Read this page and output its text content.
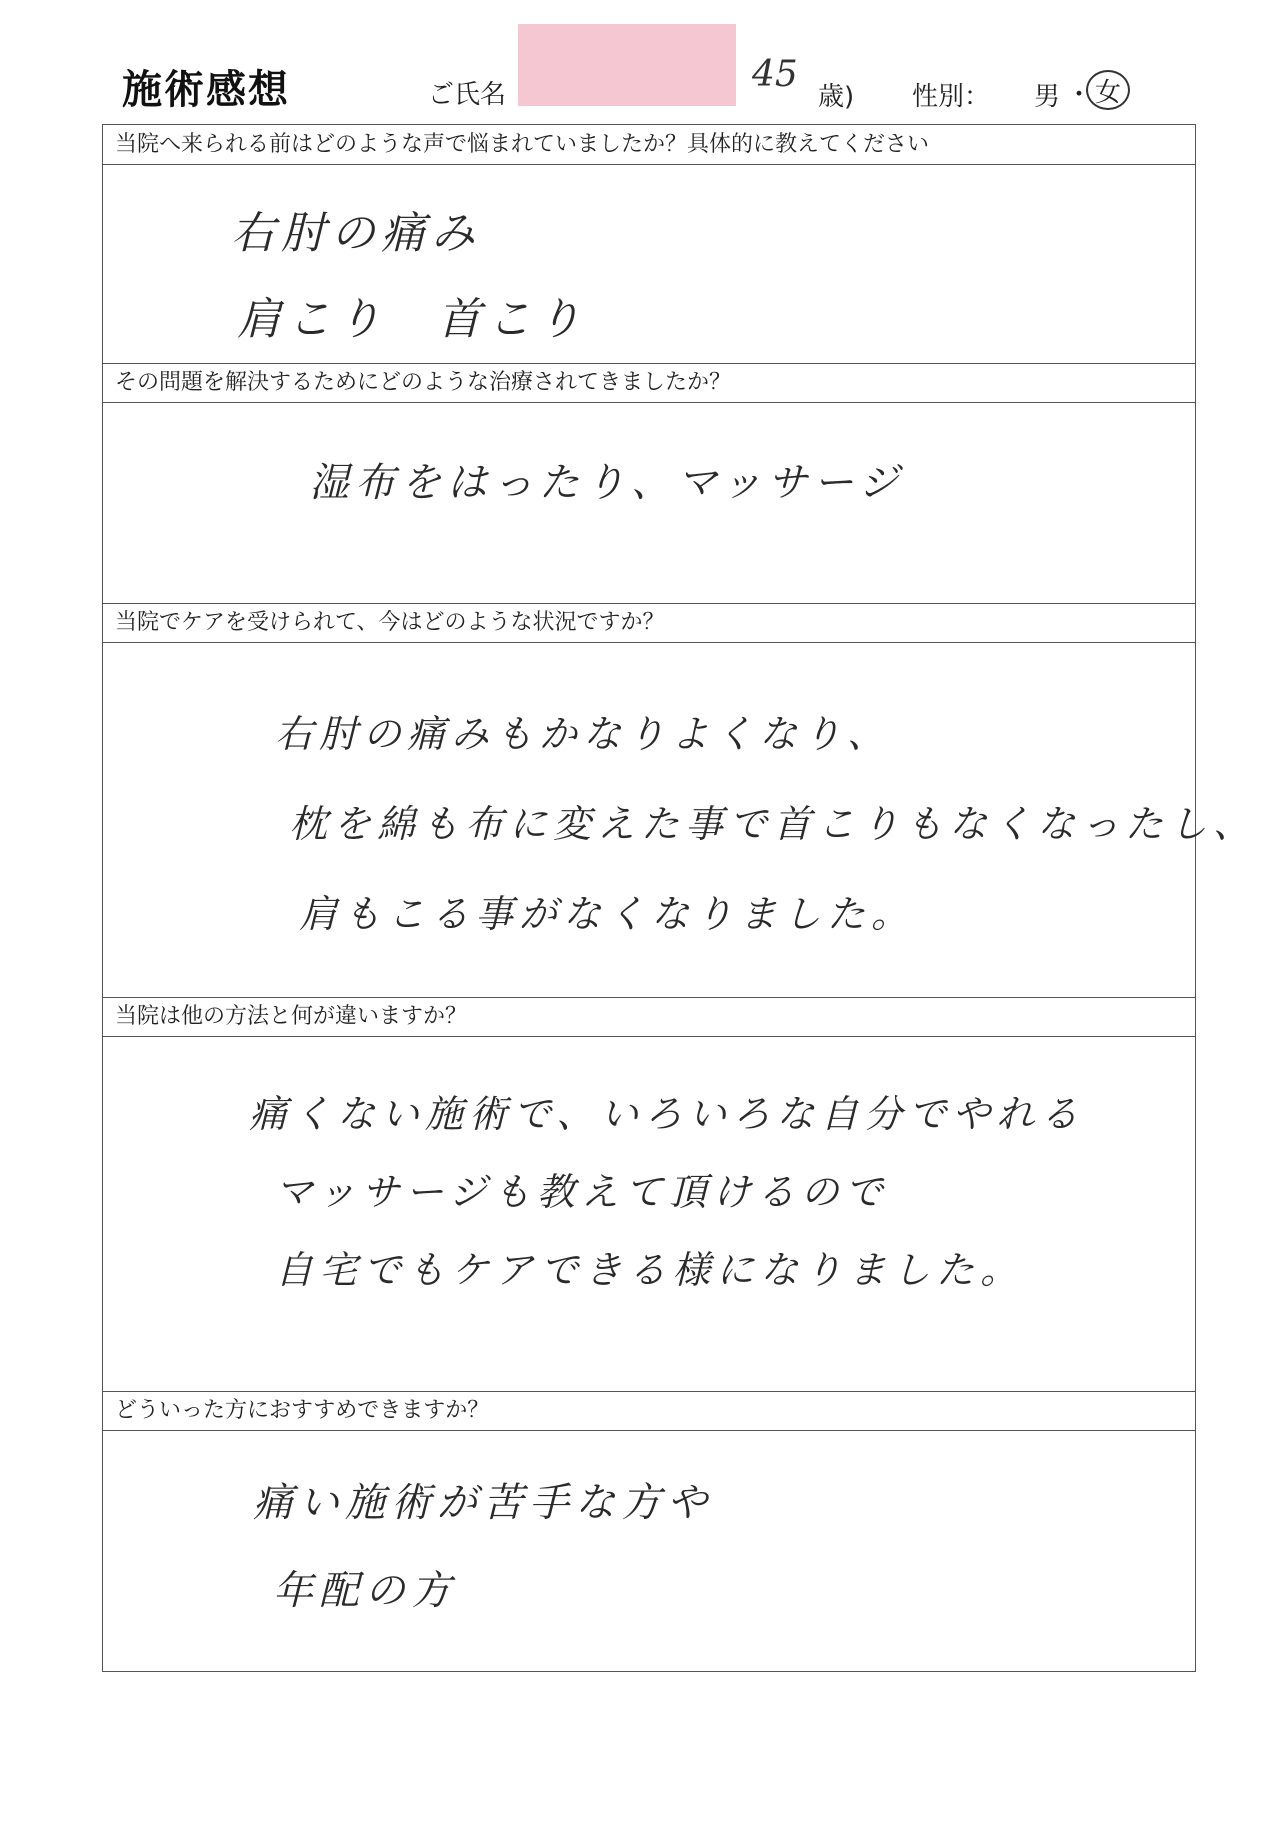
施術感想	ご氏名	45
歳) 性別： 男 ・ 女
当院へ来られる前はどのような声で悩まれていましたか？具体的に教えてください
右肘の痛み
肩こり　首こり
その問題を解決するためにどのような治療されてきましたか？
湿布をはったり、マッサージ
当院でケアを受けられて、今はどのような状況ですか？
右肘の痛みもかなりよくなり、
枕を綿も布に変えた事で首こりもなくなったし、
肩もこる事がなくなりました。
当院は他の方法と何が違いますか？
痛くない施術で、いろいろな自分でやれる
マッサージも教えて頂けるので
自宅でもケアできる様になりました。
どういった方におすすめできますか？
痛い施術が苦手な方や
年配の方
